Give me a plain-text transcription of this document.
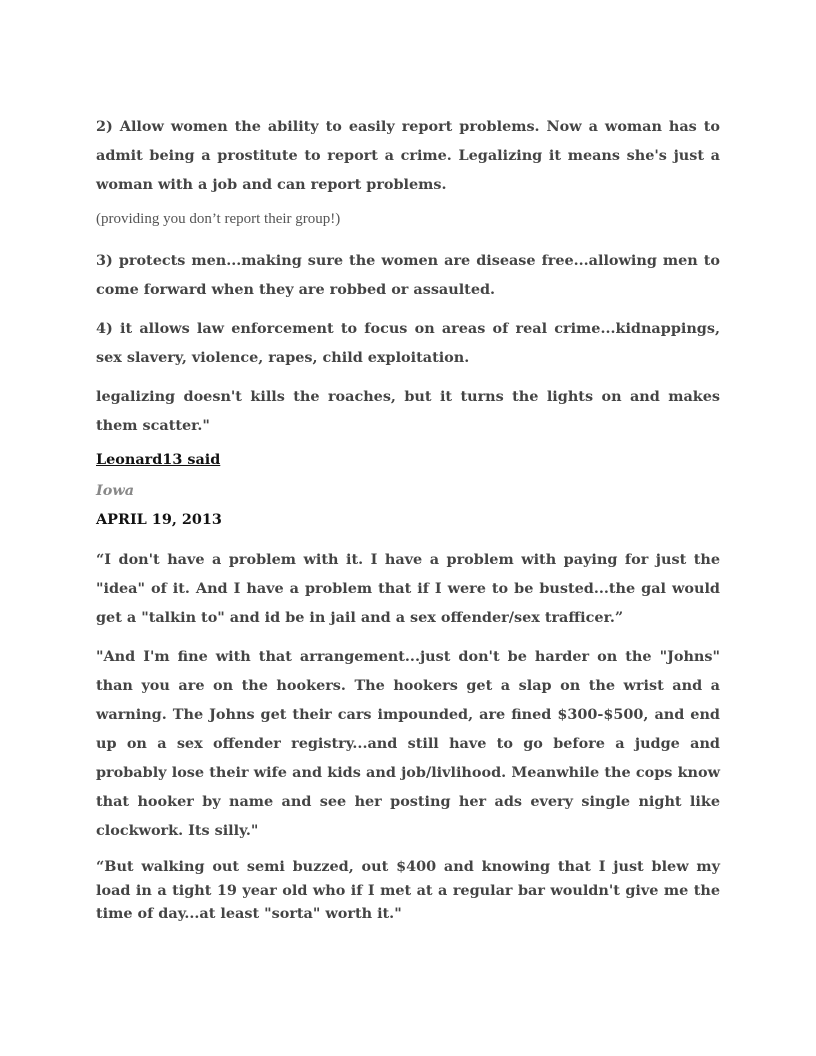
2) Allow women the ability to easily report problems. Now a woman has to admit being a prostitute to report a crime. Legalizing it means she's just a woman with a job and can report problems.

(providing you don’t report their group!)

3) protects men...making sure the women are disease free...allowing men to come forward when they are robbed or assaulted.

4) it allows law enforcement to focus on areas of real crime...kidnappings, sex slavery, violence, rapes, child exploitation.

legalizing doesn't kills the roaches, but it turns the lights on and makes them scatter."

Leonard13 said

Iowa

APRIL 19, 2013

“I don't have a problem with it. I have a problem with paying for just the "idea" of it. And I have a problem that if I were to be busted...the gal would get a "talkin to" and id be in jail and a sex offender/sex trafficer.”

"And I'm fine with that arrangement...just don't be harder on the "Johns" than you are on the hookers. The hookers get a slap on the wrist and a warning. The Johns get their cars impounded, are fined $300-$500, and end up on a sex offender registry...and still have to go before a judge and probably lose their wife and kids and job/livlihood. Meanwhile the cops know that hooker by name and see her posting her ads every single night like clockwork. Its silly."

“But walking out semi buzzed, out $400 and knowing that I just blew my load in a tight 19 year old who if I met at a regular bar wouldn't give me the time of day...at least "sorta" worth it."
